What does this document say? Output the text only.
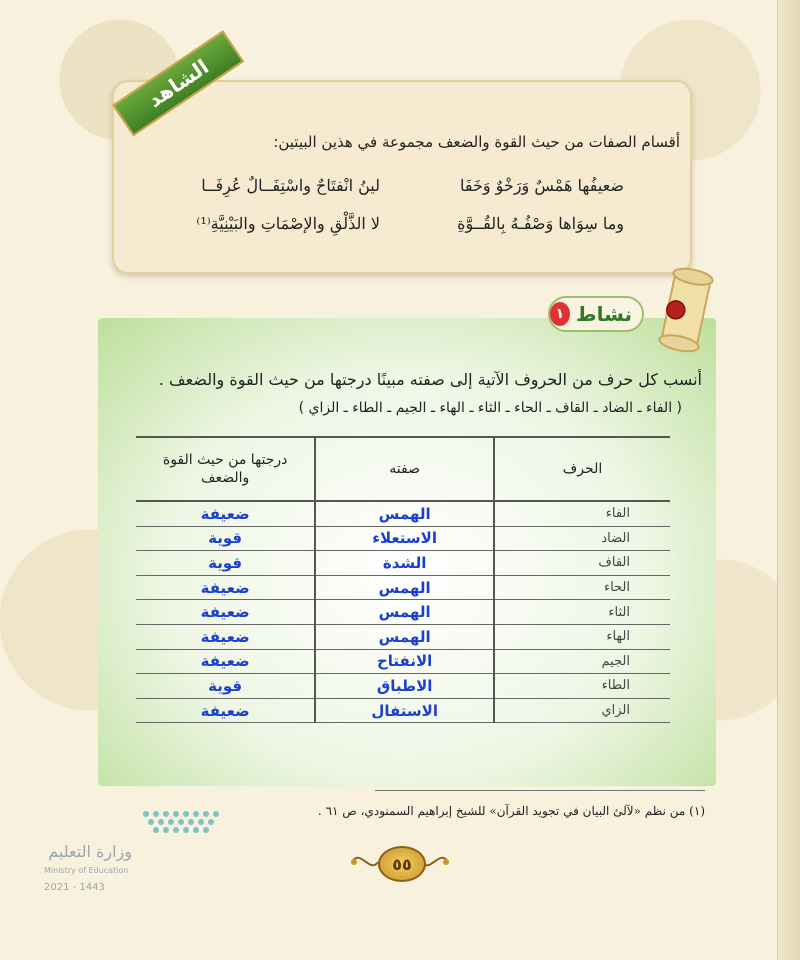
الشاهد
أقسام الصفات من حيث القوة والضعف مجموعة في هذين البيتين:
ضعيفُها هَمْسٌ وَرَخْوٌ وَخَفَا
لينُ انْفتَاحٌ واسْتِفَــالٌ عُرِفَــا
وما سِوَاها وَصْفُـهُ بِالقُــوَّةِ
لا الذَّلْقِ والإصْمَاتِ والبَيْنِيَّةِ⁽¹⁾
نشاط
١
أنسب كل حرف من الحروف الآتية إلى صفته مبينًا درجتها من حيث القوة والضعف .
( الفاء ـ الضاد ـ القاف ـ الحاء ـ الثاء ـ الهاء ـ الجيم ـ الطاء ـ الزاي )
الحرف	صفته	درجتها من حيث القوة والضعف
الفاء	الهمس	ضعيفة
الضاد	الاستعلاء	قوية
القاف	الشدة	قوية
الحاء	الهمس	ضعيفة
الثاء	الهمس	ضعيفة
الهاء	الهمس	ضعيفة
الجيم	الانفتاح	ضعيفة
الطاء	الاطباق	قوية
الزاي	الاستفال	ضعيفة
(١) من نظم «لآلئ البيان في تجويد القرآن» للشيخ إبراهيم السمنودي، ص ٦١ .
وزارة التعليم
Ministry of Education
2021 - 1443
٥٥
